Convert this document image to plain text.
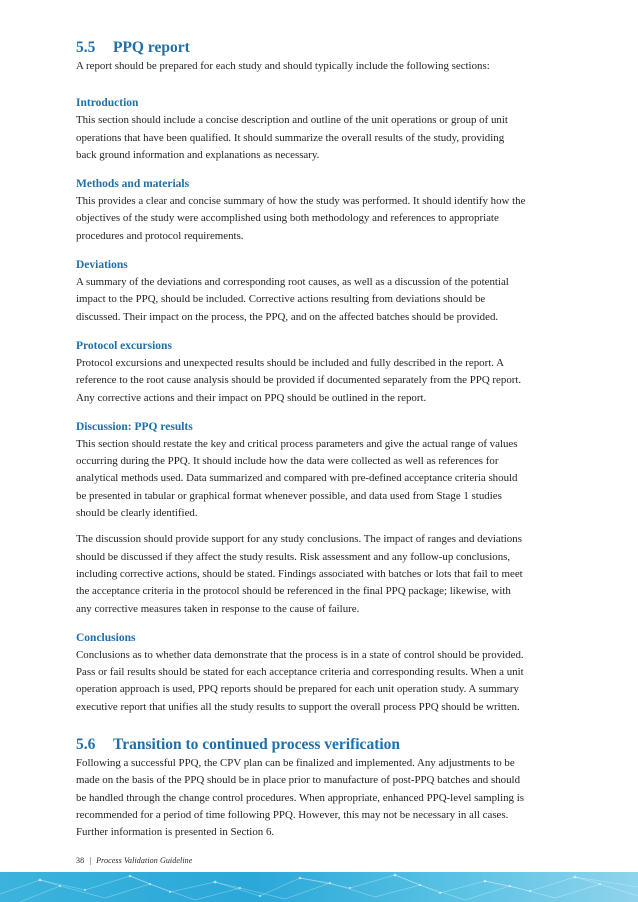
5.5	PPQ report

A report should be prepared for each study and should typically include the following sections:

Introduction

This section should include a concise description and outline of the unit operations or group of unit operations that have been qualified. It should summarize the overall results of the study, providing back ground information and explanations as necessary.

Methods and materials

This provides a clear and concise summary of how the study was performed. It should identify how the objectives of the study were accomplished using both methodology and references to appropriate procedures and protocol requirements.

Deviations

A summary of the deviations and corresponding root causes, as well as a discussion of the potential impact to the PPQ, should be included. Corrective actions resulting from deviations should be discussed. Their impact on the process, the PPQ, and on the affected batches should be provided.

Protocol excursions

Protocol excursions and unexpected results should be included and fully described in the report. A reference to the root cause analysis should be provided if documented separately from the PPQ report. Any corrective actions and their impact on PPQ should be outlined in the report.

Discussion: PPQ results

This section should restate the key and critical process parameters and give the actual range of values occurring during the PPQ. It should include how the data were collected as well as references for analytical methods used. Data summarized and compared with pre-defined acceptance criteria should be presented in tabular or graphical format whenever possible, and data used from Stage 1 studies should be clearly identified.

The discussion should provide support for any study conclusions. The impact of ranges and deviations should be discussed if they affect the study results. Risk assessment and any follow-up conclusions, including corrective actions, should be stated. Findings associated with batches or lots that fail to meet the acceptance criteria in the protocol should be referenced in the final PPQ package; likewise, with any corrective measures taken in response to the cause of failure.

Conclusions

Conclusions as to whether data demonstrate that the process is in a state of control should be provided. Pass or fail results should be stated for each acceptance criteria and corresponding results. When a unit operation approach is used, PPQ reports should be prepared for each unit operation study. A summary executive report that unifies all the study results to support the overall process PPQ should be written.

5.6	Transition to continued process verification

Following a successful PPQ, the CPV plan can be finalized and implemented. Any adjustments to be made on the basis of the PPQ should be in place prior to manufacture of post-PPQ batches and should be handled through the change control procedures. When appropriate, enhanced PPQ-level sampling is recommended for a period of time following PPQ. However, this may not be necessary in all cases. Further information is presented in Section 6.

38 | Process Validation Guideline
